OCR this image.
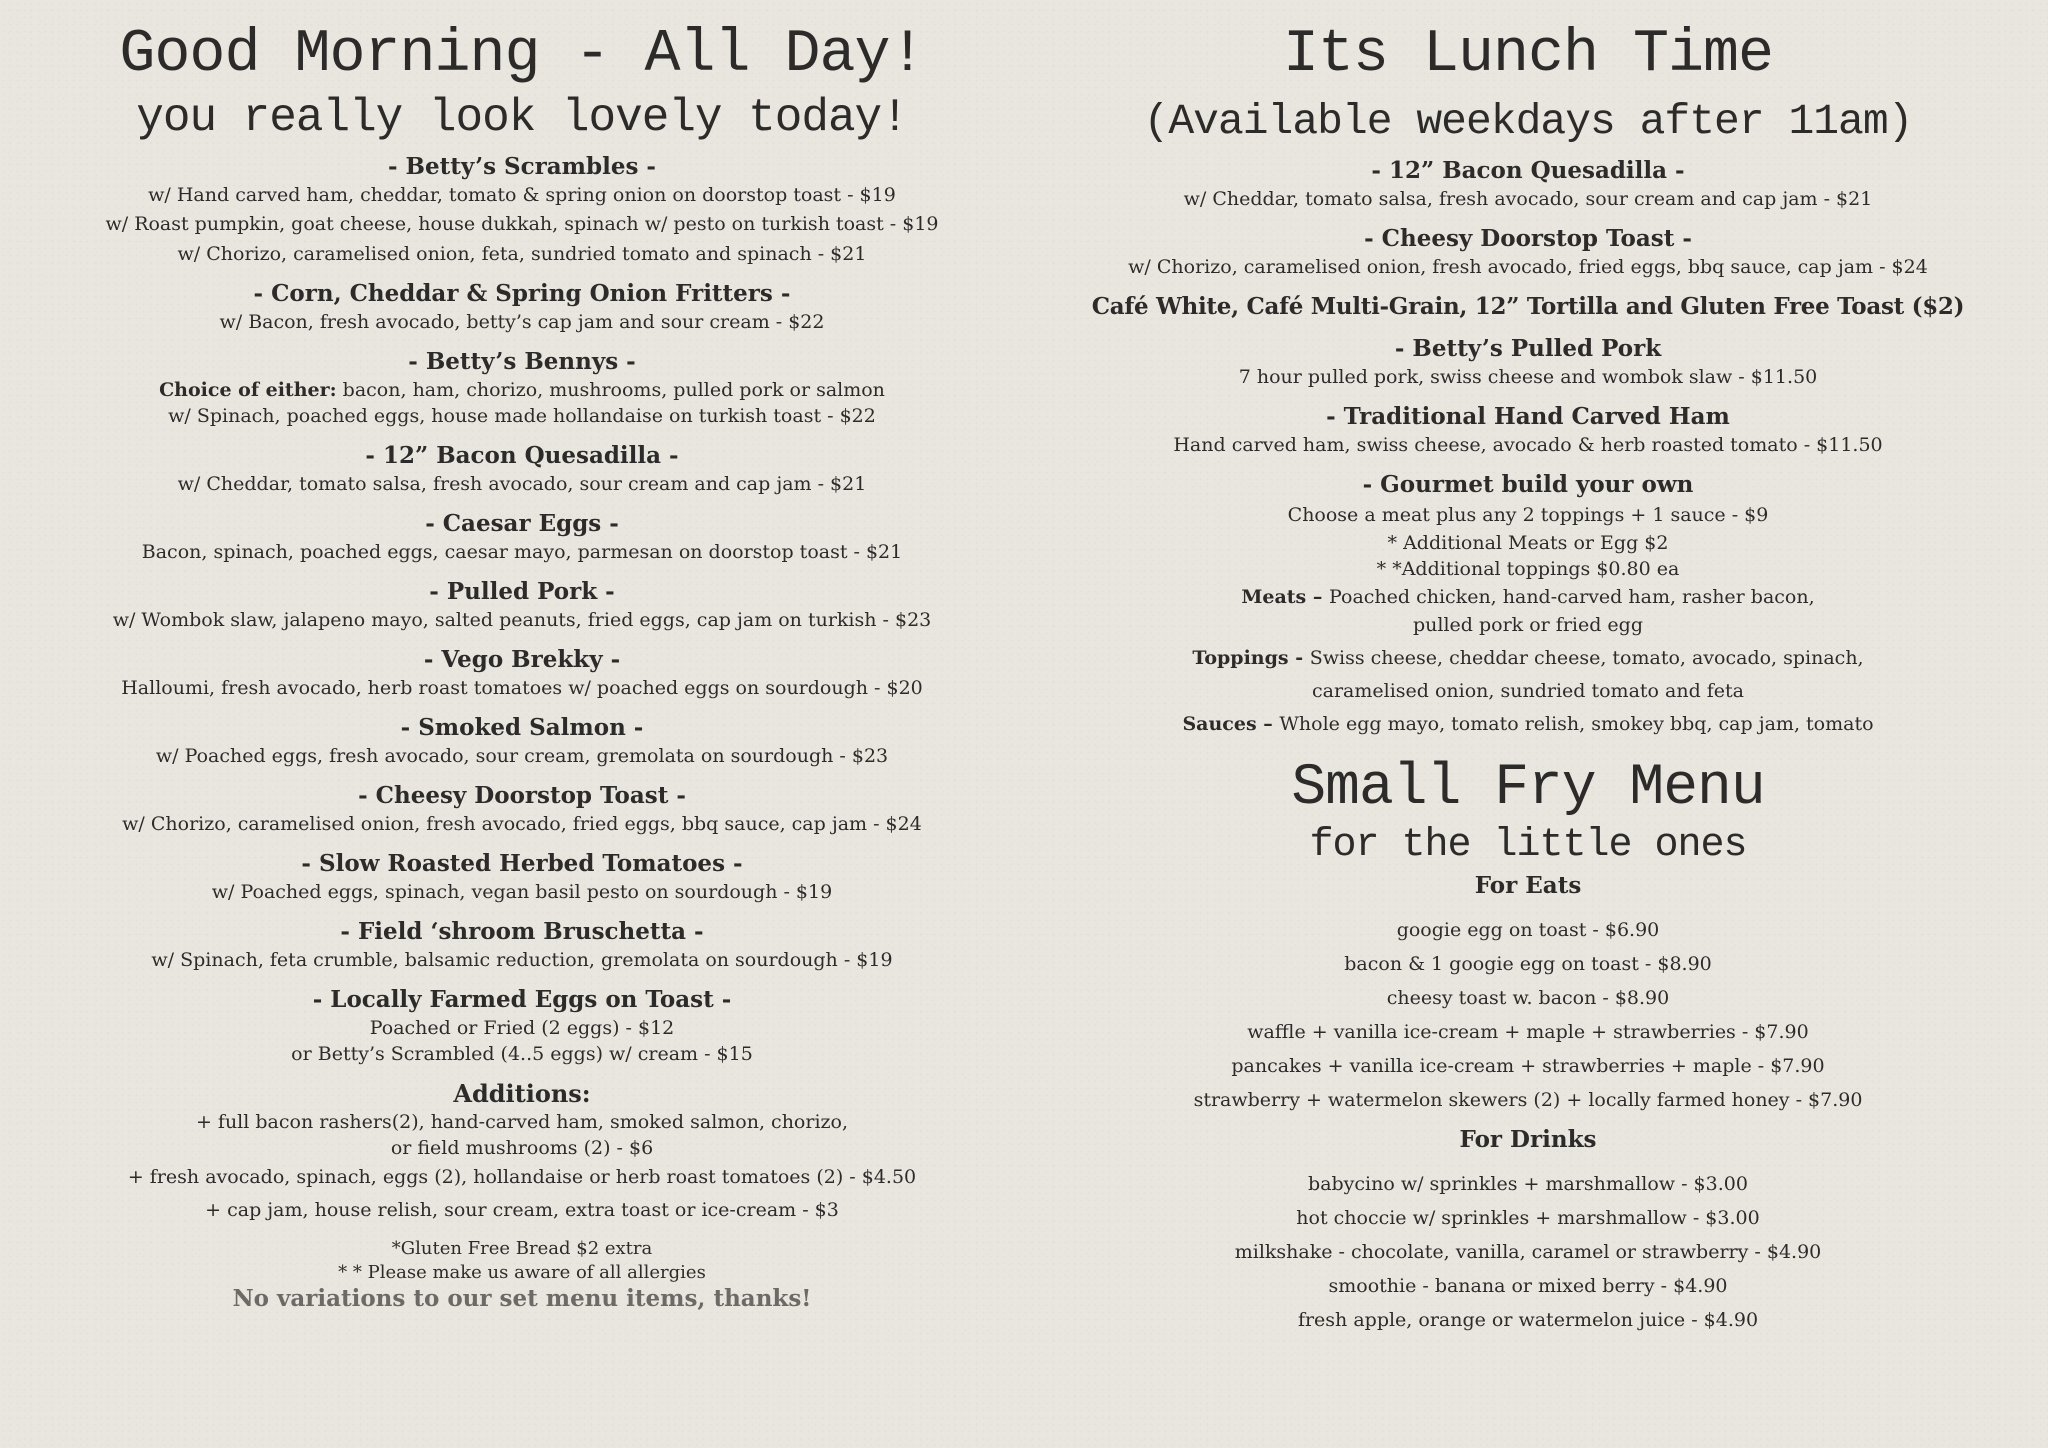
Good Morning - All Day!
you really look lovely today!
- Betty’s Scrambles -
w/ Hand carved ham, cheddar, tomato & spring onion on doorstop toast - $19
w/ Roast pumpkin, goat cheese, house dukkah, spinach w/ pesto on turkish toast - $19
w/ Chorizo, caramelised onion, feta, sundried tomato and spinach - $21
- Corn, Cheddar & Spring Onion Fritters -
w/ Bacon, fresh avocado, betty’s cap jam and sour cream - $22
- Betty’s Bennys -
Choice of either: bacon, ham, chorizo, mushrooms, pulled pork or salmon
w/ Spinach, poached eggs, house made hollandaise on turkish toast - $22
- 12” Bacon Quesadilla -
w/ Cheddar, tomato salsa, fresh avocado, sour cream and cap jam - $21
- Caesar Eggs -
Bacon, spinach, poached eggs, caesar mayo, parmesan on doorstop toast - $21
- Pulled Pork -
w/ Wombok slaw, jalapeno mayo, salted peanuts, fried eggs, cap jam on turkish - $23
- Vego Brekky -
Halloumi, fresh avocado, herb roast tomatoes w/ poached eggs on sourdough - $20
- Smoked Salmon -
w/ Poached eggs, fresh avocado, sour cream, gremolata on sourdough - $23
- Cheesy Doorstop Toast -
w/ Chorizo, caramelised onion, fresh avocado, fried eggs, bbq sauce, cap jam - $24
- Slow Roasted Herbed Tomatoes -
w/ Poached eggs, spinach, vegan basil pesto on sourdough - $19
- Field ‘shroom Bruschetta -
w/ Spinach, feta crumble, balsamic reduction, gremolata on sourdough - $19
- Locally Farmed Eggs on Toast -
Poached or Fried (2 eggs) - $12
or Betty’s Scrambled (4..5 eggs) w/ cream - $15
Additions:
+ full bacon rashers(2), hand-carved ham, smoked salmon, chorizo,
or field mushrooms (2) - $6
+ fresh avocado, spinach, eggs (2), hollandaise or herb roast tomatoes (2) - $4.50
+ cap jam, house relish, sour cream, extra toast or ice-cream - $3
*Gluten Free Bread $2 extra
* * Please make us aware of all allergies
No variations to our set menu items, thanks!
Its Lunch Time
(Available weekdays after 11am)
- 12” Bacon Quesadilla -
w/ Cheddar, tomato salsa, fresh avocado, sour cream and cap jam - $21
- Cheesy Doorstop Toast -
w/ Chorizo, caramelised onion, fresh avocado, fried eggs, bbq sauce, cap jam - $24
Café White, Café Multi-Grain, 12” Tortilla and Gluten Free Toast ($2)
- Betty’s Pulled Pork
7 hour pulled pork, swiss cheese and wombok slaw - $11.50
- Traditional Hand Carved Ham
Hand carved ham, swiss cheese, avocado & herb roasted tomato - $11.50
- Gourmet build your own
Choose a meat plus any 2 toppings + 1 sauce - $9
* Additional Meats or Egg $2
* *Additional toppings $0.80 ea
Meats – Poached chicken, hand-carved ham, rasher bacon,
pulled pork or fried egg
Toppings - Swiss cheese, cheddar cheese, tomato, avocado, spinach,
caramelised onion, sundried tomato and feta
Sauces – Whole egg mayo, tomato relish, smokey bbq, cap jam, tomato
Small Fry Menu
for the little ones
For Eats
googie egg on toast - $6.90
bacon & 1 googie egg on toast - $8.90
cheesy toast w. bacon - $8.90
waffle + vanilla ice-cream + maple + strawberries - $7.90
pancakes + vanilla ice-cream + strawberries + maple - $7.90
strawberry + watermelon skewers (2) + locally farmed honey - $7.90
For Drinks
babycino w/ sprinkles + marshmallow - $3.00
hot choccie w/ sprinkles + marshmallow - $3.00
milkshake - chocolate, vanilla, caramel or strawberry - $4.90
smoothie - banana or mixed berry - $4.90
fresh apple, orange or watermelon juice - $4.90
